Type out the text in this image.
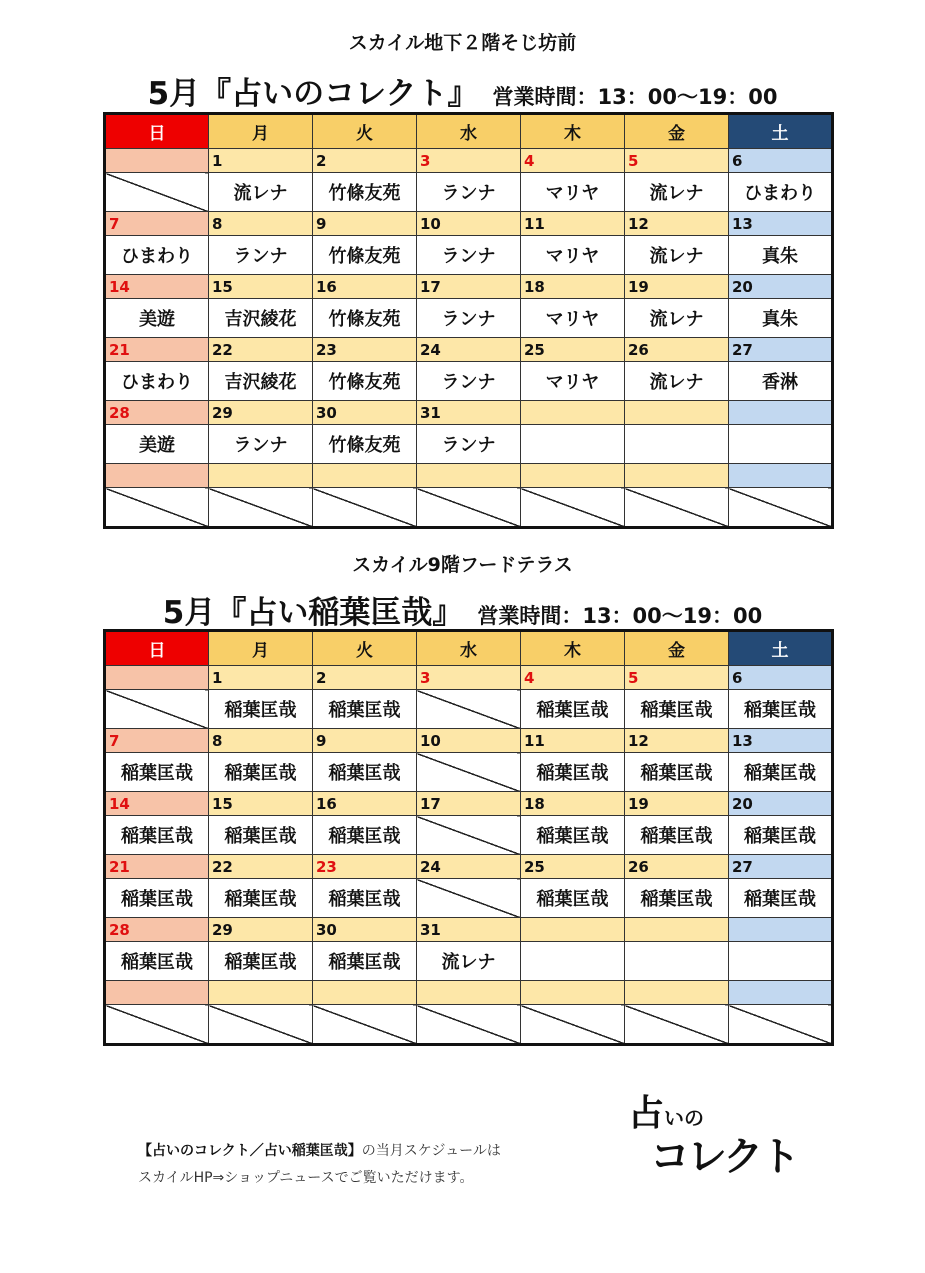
スカイル地下２階そじ坊前
5月『占いのコレクト』 営業時間：13：00〜19：00
日	月	火	水	木	金	土
	1	2	3	4	5	6
	流レナ	竹條友苑	ランナ	マリヤ	流レナ	ひまわり
7	8	9	10	11	12	13
ひまわり	ランナ	竹條友苑	ランナ	マリヤ	流レナ	真朱
14	15	16	17	18	19	20
美遊	吉沢綾花	竹條友苑	ランナ	マリヤ	流レナ	真朱
21	22	23	24	25	26	27
ひまわり	吉沢綾花	竹條友苑	ランナ	マリヤ	流レナ	香淋
28	29	30	31			
美遊	ランナ	竹條友苑	ランナ			

スカイル9階フードテラス
5月『占い稲葉匡哉』 営業時間：13：00〜19：00
日	月	火	水	木	金	土
	1	2	3	4	5	6
	稲葉匡哉	稲葉匡哉		稲葉匡哉	稲葉匡哉	稲葉匡哉
7	8	9	10	11	12	13
稲葉匡哉	稲葉匡哉	稲葉匡哉		稲葉匡哉	稲葉匡哉	稲葉匡哉
14	15	16	17	18	19	20
稲葉匡哉	稲葉匡哉	稲葉匡哉		稲葉匡哉	稲葉匡哉	稲葉匡哉
21	22	23	24	25	26	27
稲葉匡哉	稲葉匡哉	稲葉匡哉		稲葉匡哉	稲葉匡哉	稲葉匡哉
28	29	30	31			
稲葉匡哉	稲葉匡哉	稲葉匡哉	流レナ			

【占いのコレクト／占い稲葉匡哉】の当月スケジュールは
スカイルHP⇒ショップニュースでご覧いただけます。
占いの
コレクト
